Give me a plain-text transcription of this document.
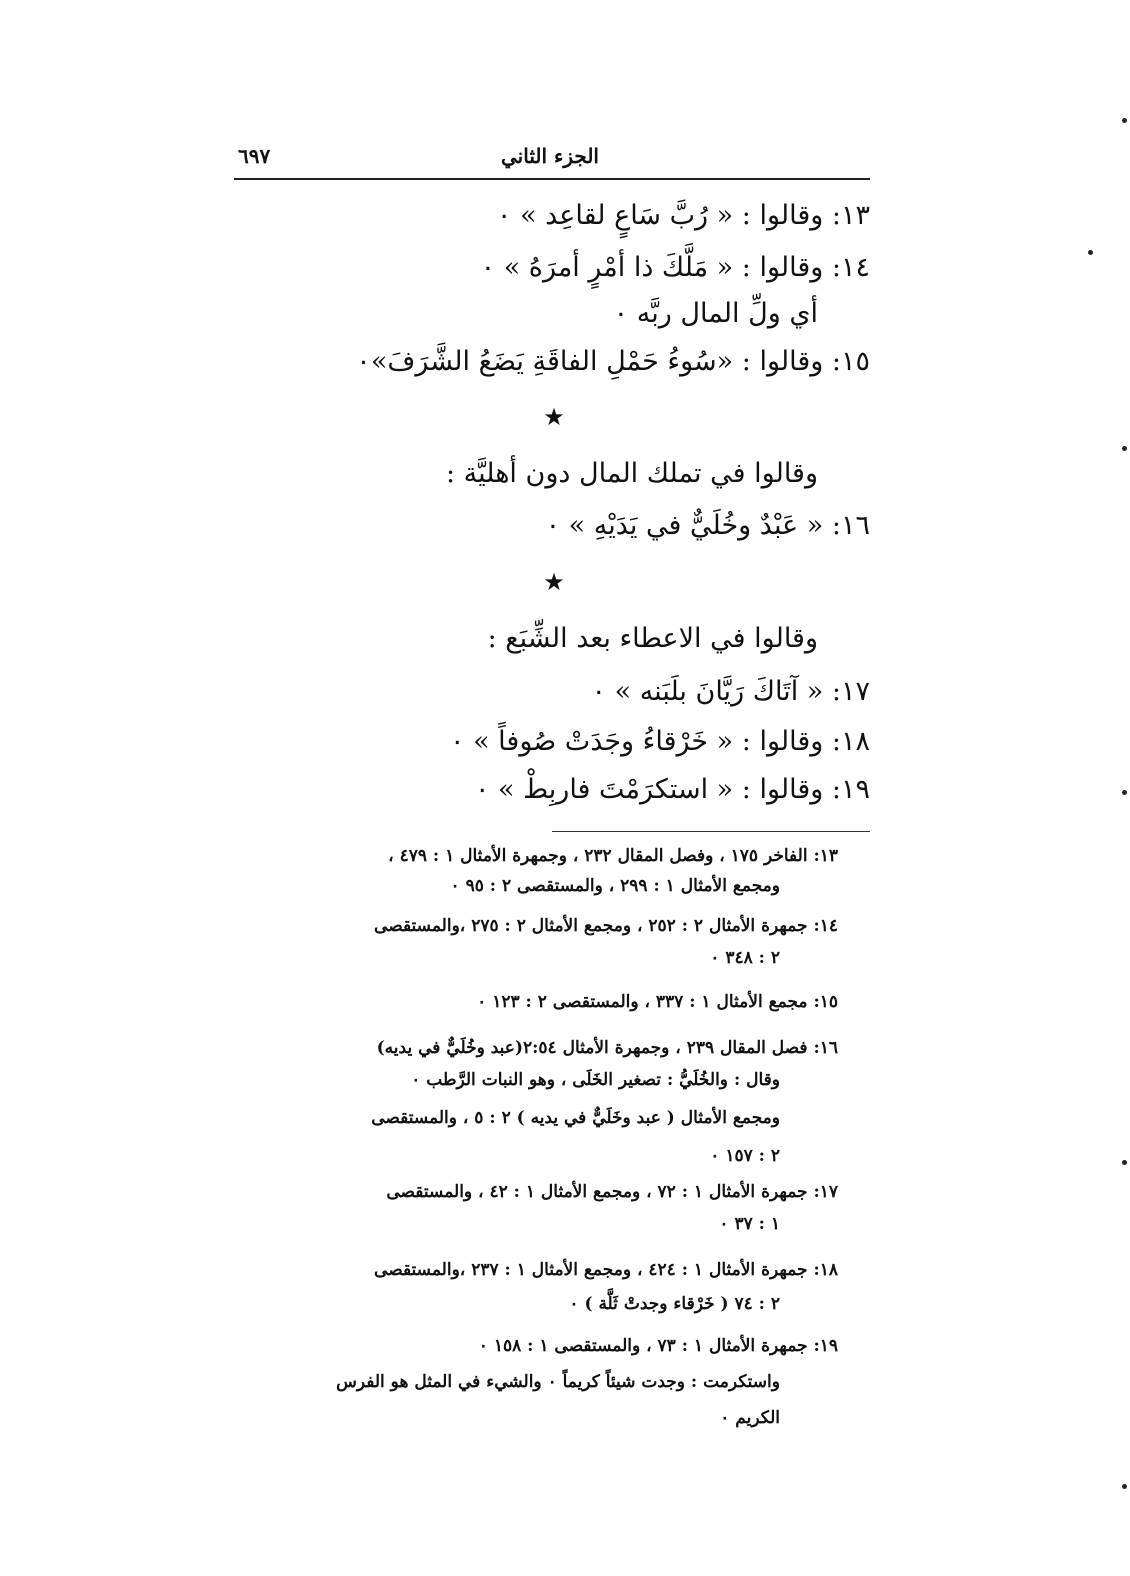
الجزء الثاني
٦٩٧
١٣: وقالوا : « رُبَّ سَاعٍ لقاعِد » ٠
١٤: وقالوا : « مَلَّكَ ذا أمْرٍ أمرَهُ » ٠
أي ولِّ المال ربَّه ٠
١٥: وقالوا : «سُوءُ حَمْلِ الفاقَةِ يَضَعُ الشَّرَفَ»٠
★
وقالوا في تملك المال دون أهليَّة :
١٦: « عَبْدٌ وخُلَيٌّ في يَدَيْهِ » ٠
★
وقالوا في الاعطاء بعد الشِّبَع :
١٧: « آتَاكَ رَيَّانَ بلَبَنه » ٠
١٨: وقالوا : « خَرْقاءُ وجَدَتْ صُوفاً » ٠
١٩: وقالوا : « استكرَمْتَ فاربِطْ » ٠
١٣: الفاخر ١٧٥ ، وفصل المقال ٢٣٢ ، وجمهرة الأمثال ١ : ٤٧٩ ،
ومجمع الأمثال ١ : ٢٩٩ ، والمستقصى ٢ : ٩٥ ٠
١٤: جمهرة الأمثال ٢ : ٢٥٢ ، ومجمع الأمثال ٢ : ٢٧٥ ،والمستقصى
٢ : ٣٤٨ ٠
١٥: مجمع الأمثال ١ : ٣٣٧ ، والمستقصى ٢ : ١٢٣ ٠
١٦: فصل المقال ٢٣٩ ، وجمهرة الأمثال ٢:٥٤(عبد وخُلَيٌّ في يديه)
وقال : والخُلَيُّ : تصغير الخَلَى ، وهو النبات الرَّطب ٠
ومجمع الأمثال ( عبد وخَلَيٌّ في يديه ) ٢ : ٥ ، والمستقصى
٢ : ١٥٧ ٠
١٧: جمهرة الأمثال ١ : ٧٢ ، ومجمع الأمثال ١ : ٤٢ ، والمستقصى
١ : ٣٧ ٠
١٨: جمهرة الأمثال ١ : ٤٢٤ ، ومجمع الأمثال ١ : ٢٣٧ ،والمستقصى
٢ : ٧٤ ( خَرْقاء وجدتْ ثَلَّة ) ٠
١٩: جمهرة الأمثال ١ : ٧٣ ، والمستقصى ١ : ١٥٨ ٠
واستكرمت : وجدت شيئاً كريماً ٠ والشيء في المثل هو الفرس
الكريم ٠
